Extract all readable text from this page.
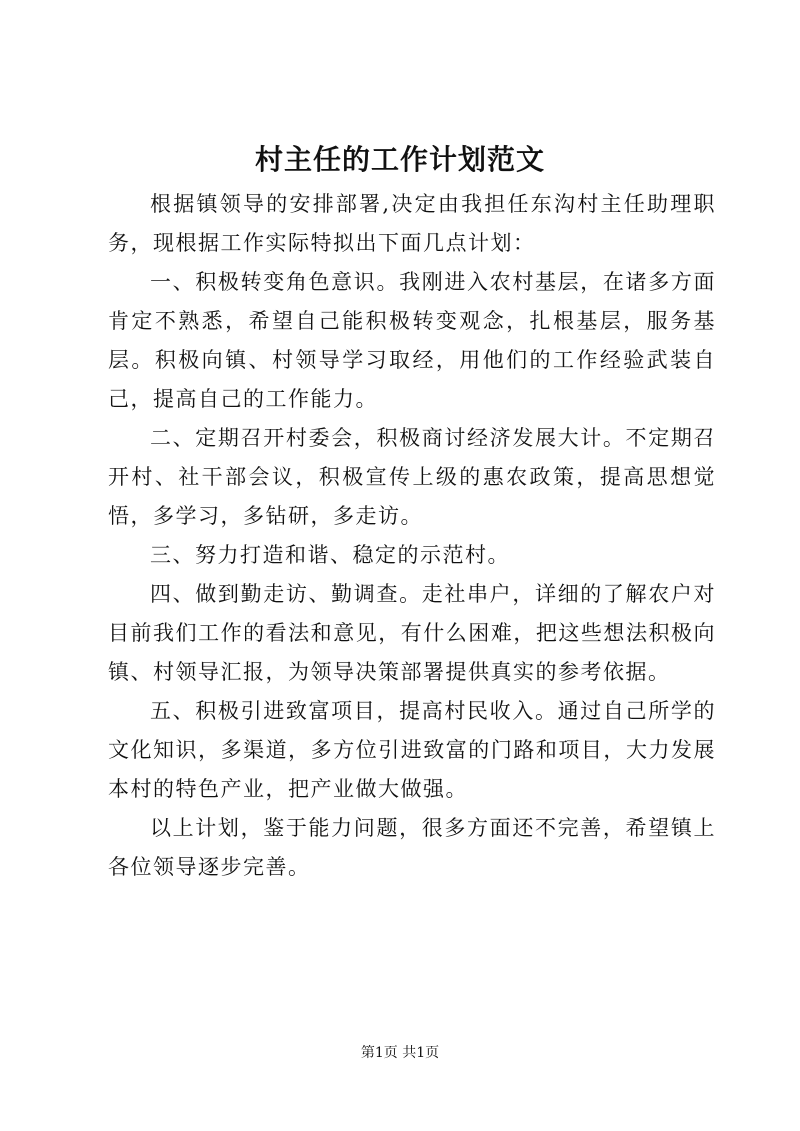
村主任的工作计划范文

根据镇领导的安排部署,决定由我担任东沟村主任助理职务，现根据工作实际特拟出下面几点计划：

一、积极转变角色意识。我刚进入农村基层，在诸多方面肯定不熟悉，希望自己能积极转变观念，扎根基层，服务基层。积极向镇、村领导学习取经，用他们的工作经验武装自己，提高自己的工作能力。

二、定期召开村委会，积极商讨经济发展大计。不定期召开村、社干部会议，积极宣传上级的惠农政策，提高思想觉悟，多学习，多钻研，多走访。

三、努力打造和谐、稳定的示范村。

四、做到勤走访、勤调查。走社串户，详细的了解农户对目前我们工作的看法和意见，有什么困难，把这些想法积极向镇、村领导汇报，为领导决策部署提供真实的参考依据。

五、积极引进致富项目，提高村民收入。通过自己所学的文化知识，多渠道，多方位引进致富的门路和项目，大力发展本村的特色产业，把产业做大做强。

以上计划，鉴于能力问题，很多方面还不完善，希望镇上各位领导逐步完善。

第1页 共1页
